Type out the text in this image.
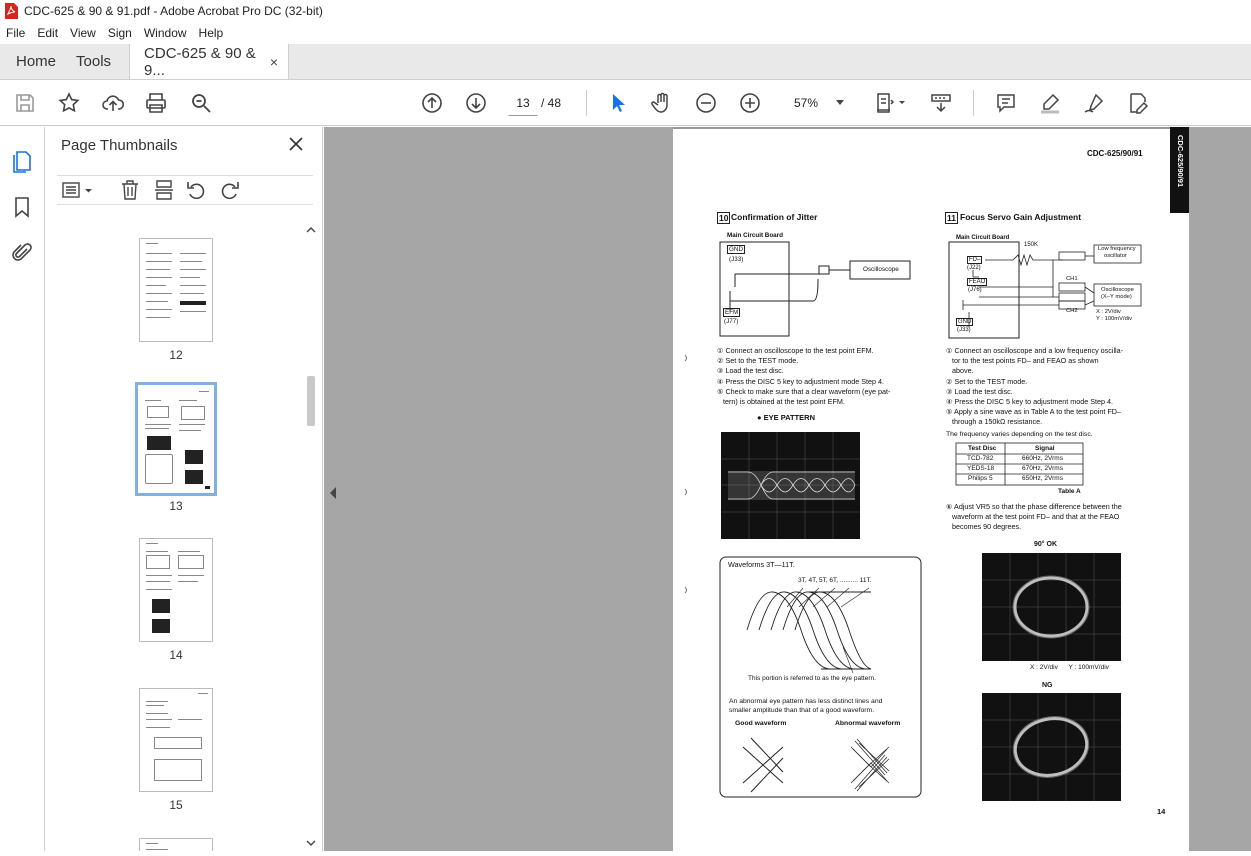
CDC-625 & 90 & 91.pdf - Adobe Acrobat Pro DC (32-bit)
File	Edit	View	Sign	Window	Help
Home	Tools CDC-625 & 90 & 9...	×
13 / 48	57%
Page Thumbnails
12
13
14
15
CDC-625/90/91	CDC-625/90/91
10 Confirmation of Jitter
Main Circuit Board
GND
(J33)
EFM
(J77)
Oscilloscope
① Connect an oscilloscope to the test point EFM.
② Set to the TEST mode.
③ Load the test disc.
④ Press the DISC 5 key to adjustment mode Step 4.
⑤ Check to make sure that a clear waveform (eye pat-
tern) is obtained at the test point EFM.
● EYE PATTERN
Waveforms 3T—11T.
3T, 4T, 5T, 6T, .......... 11T.
This portion is referred to as the eye pattern.
An abnormal eye pattern has less distinct lines and
smaller amplitude than that of a good waveform.
Good waveform	Abnormal waveform
11 Focus Servo Gain Adjustment
Main Circuit Board
150K
FD–
(J22)
FEAO
(J76)
GND
(J33)
Low frequency
oscillator
Oscilloscope
(X–Y mode)
CH1
CH2	X : 2V/div
Y : 100mV/div
① Connect an oscilloscope and a low frequency oscilla-
tor to the test points FD– and FEAO as shown
above.
② Set to the TEST mode.
③ Load the test disc.
④ Press the DISC 5 key to adjustment mode Step 4.
⑤ Apply a sine wave as in Table A to the test point FD–
through a 150kΩ resistance.
The frequency varies depending on the test disc.
Test Disc	Signal
TCD-782	660Hz, 2Vrms
YEDS-18	670Hz, 2Vrms
Philips 5	650Hz, 2Vrms
Table A
⑥ Adjust VR5 so that the phase difference between the
waveform at the test point FD– and that at the FEAO
becomes 90 degrees.
90° OK
X : 2V/div      Y : 100mV/div
NG
14
